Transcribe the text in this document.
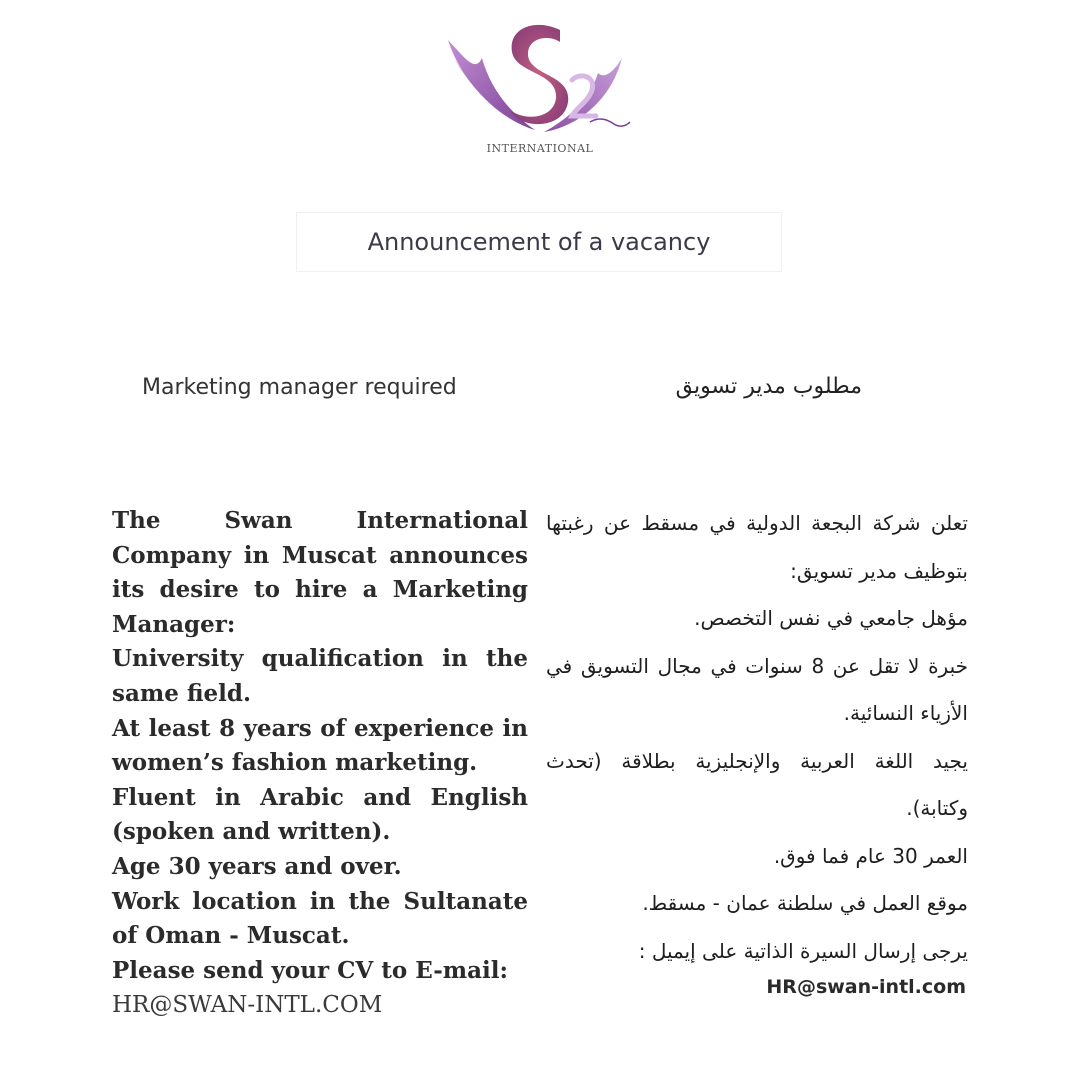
INTERNATIONAL
Announcement of a vacancy
Marketing manager required	مطلوب مدير تسويق
The Swan International Company in Muscat announces its desire to hire a Marketing Manager:
University qualification in the same field.
At least 8 years of experience in women’s fashion marketing.
Fluent in Arabic and English (spoken and written).
Age 30 years and over.
Work location in the Sultanate of Oman - Muscat.
Please send your CV to E-mail:
HR@SWAN-INTL.COM
تعلن شركة البجعة الدولية في مسقط عن رغبتها بتوظيف مدير تسويق:
مؤهل جامعي في نفس التخصص.
خبرة لا تقل عن 8 سنوات في مجال التسويق في الأزياء النسائية.
يجيد اللغة العربية والإنجليزية بطلاقة (تحدث وكتابة).
العمر 30 عام فما فوق.
موقع العمل في سلطنة عمان - مسقط.
يرجى إرسال السيرة الذاتية على إيميل :
HR@swan-intl.com
